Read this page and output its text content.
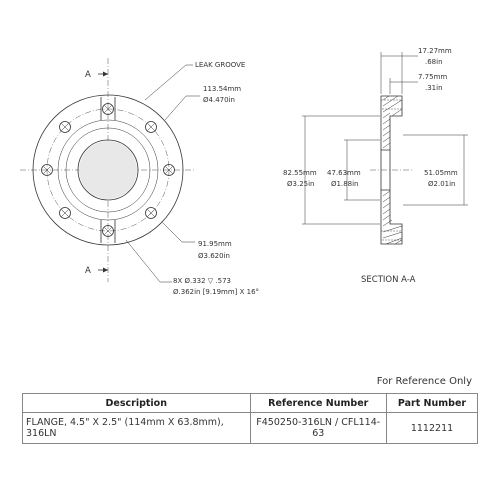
A
A
LEAK GROOVE
113.54mm
Ø4.470in
91.95mm
Ø3.620in
8X Ø.332 ▽ .573
Ø.362in [9.19mm] X 16°
17.27mm
.68in
7.75mm
.31in
82.55mm
Ø3.25in
47.63mm
Ø1.88in
51.05mm
Ø2.01in
SECTION A-A
For Reference Only
Description	Reference Number	Part Number
FLANGE, 4.5" X 2.5" (114mm X 63.8mm), 316LN	F450250-316LN / CFL114-63	1112211
